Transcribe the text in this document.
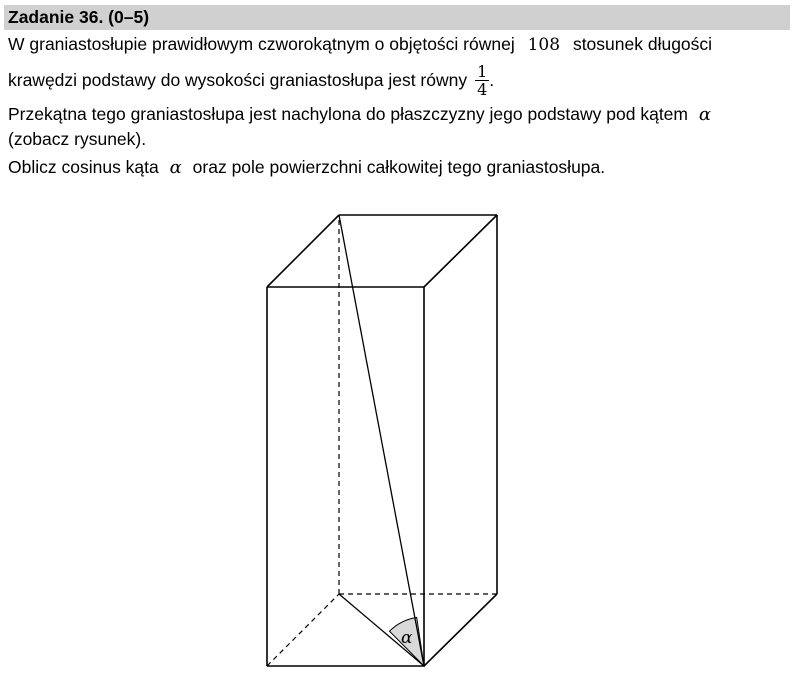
Zadanie 36. (0–5)
W graniastosłupie prawidłowym czworokątnym o objętości równej 108 stosunek długości
krawędzi podstawy do wysokości graniastosłupa jest równy $\frac{1}{4}$ .
Przekątna tego graniastosłupa jest nachylona do płaszczyzny jego podstawy pod kątem α
(zobacz rysunek).
Oblicz cosinus kąta α oraz pole powierzchni całkowitej tego graniastosłupa.
α
